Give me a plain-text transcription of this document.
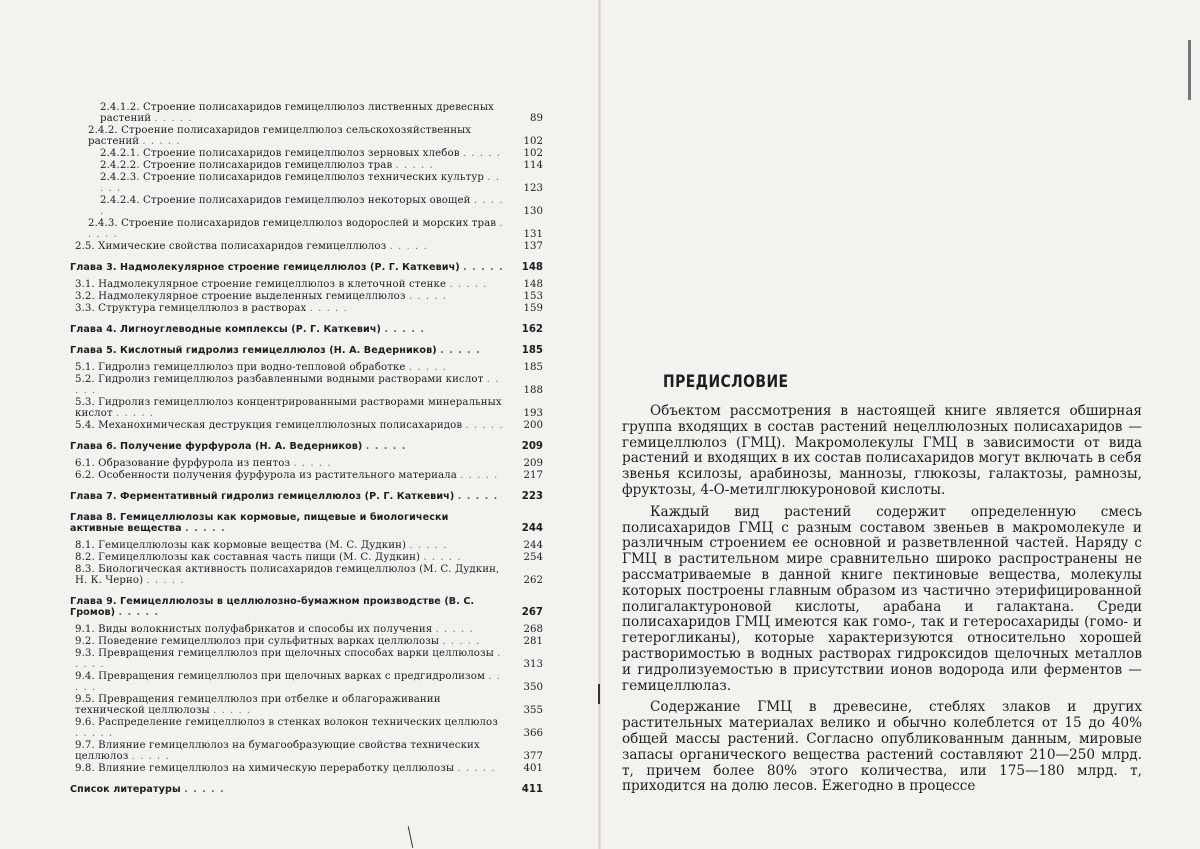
2.4.1.2. Строение полисахаридов гемицеллюлоз лиственных древесных растений . . . . .	89
2.4.2. Строение полисахаридов гемицеллюлоз сельскохозяйственных растений . . . . .	102
2.4.2.1. Строение полисахаридов гемицеллюлоз зерновых хлебов . . . . . 102
2.4.2.2. Строение полисахаридов гемицеллюлоз трав . . . . .	114
2.4.2.3. Строение полисахаридов гемицеллюлоз технических культур . . . . .	123
2.4.2.4. Строение полисахаридов гемицеллюлоз некоторых овощей . . . . .	130
2.4.3. Строение полисахаридов гемицеллюлоз водорослей и морских трав . . . . .	131
2.5. Химические свойства полисахаридов гемицеллюлоз . . . . .	137
Глава 3. Надмолекулярное строение гемицеллюлоз (Р. Г. Каткевич) . . . . . 148
3.1. Надмолекулярное строение гемицеллюлоз в клеточной стенке . . . . .	148
3.2. Надмолекулярное строение выделенных гемицеллюлоз . . . . .	153
3.3. Структура гемицеллюлоз в растворах . . . . .	159
Глава 4. Лигноуглеводные комплексы (Р. Г. Каткевич) . . . . .	162
Глава 5. Кислотный гидролиз гемицеллюлоз (Н. А. Ведерников) . . . . .	185
5.1. Гидролиз гемицеллюлоз при водно-тепловой обработке . . . . .	185
5.2. Гидролиз гемицеллюлоз разбавленными водными растворами кислот . . . . .	188
5.3. Гидролиз гемицеллюлоз концентрированными растворами минеральных кислот . . . . .	193
5.4. Механохимическая деструкция гемицеллюлозных полисахаридов . . . . . 200
Глава 6. Получение фурфурола (Н. А. Ведерников) . . . . .	209
6.1. Образование фурфурола из пентоз . . . . .	209
6.2. Особенности получения фурфурола из растительного материала . . . . . 217
Глава 7. Ферментативный гидролиз гемицеллюлоз (Р. Г. Каткевич) . . . . . 223
Глава 8. Гемицеллюлозы как кормовые, пищевые и биологически активные вещества . . . . .	244
8.1. Гемицеллюлозы как кормовые вещества (М. С. Дудкин) . . . . .	244
8.2. Гемицеллюлозы как составная часть пищи (М. С. Дудкин) . . . . .	254
8.3. Биологическая активность полисахаридов гемицеллюлоз (М. С. Дудкин, Н. К. Черно) . . . . .	262
Глава 9. Гемицеллюлозы в целлюлозно-бумажном производстве (В. С. Громов) . . . . .	267
9.1. Виды волокнистых полуфабрикатов и способы их получения . . . . .	268
9.2. Поведение гемицеллюлоз при сульфитных варках целлюлозы . . . . .	281
9.3. Превращения гемицеллюлоз при щелочных способах варки целлюлозы . . . . .	313
9.4. Превращения гемицеллюлоз при щелочных варках с предгидролизом . . . . .	350
9.5. Превращения гемицеллюлоз при отбелке и облагораживании технической целлюлозы . . . . .	355
9.6. Распределение гемицеллюлоз в стенках волокон технических целлюлоз . . . . .	366
9.7. Влияние гемицеллюлоз на бумагообразующие свойства технических целлюлоз . . . . .	377
9.8. Влияние гемицеллюлоз на химическую переработку целлюлозы . . . . .	401
Список литературы . . . . .	411
ПРЕДИСЛОВИЕ

Объектом рассмотрения в настоящей книге является обширная группа входящих в состав растений нецеллюлозных полисахаридов — гемицеллюлоз (ГМЦ). Макромолекулы ГМЦ в зависимости от вида растений и входящих в их состав полисахаридов могут включать в себя звенья ксилозы, арабинозы, маннозы, глюкозы, галактозы, рамнозы, фруктозы, 4-О-метилглюкуроновой кислоты.

Каждый вид растений содержит определенную смесь полисахаридов ГМЦ с разным составом звеньев в макромолекуле и различным строением ее основной и разветвленной частей. Наряду с ГМЦ в растительном мире сравнительно широко распространены не рассматриваемые в данной книге пектиновые вещества, молекулы которых построены главным образом из частично этерифицированной полигалактуроновой кислоты, арабана и галактана. Среди полисахаридов ГМЦ имеются как гомо-, так и гетеросахариды (гомо- и гетерогликаны), которые характеризуются относительно хорошей растворимостью в водных растворах гидроксидов щелочных металлов и гидролизуемостью в присутствии ионов водорода или ферментов — гемицеллюлаз.

Содержание ГМЦ в древесине, стеблях злаков и других растительных материалах велико и обычно колеблется от 15 до 40% общей массы растений. Согласно опубликованным данным, мировые запасы органического вещества растений составляют 210—250 млрд. т, причем более 80% этого количества, или 175—180 млрд. т, приходится на долю лесов. Ежегодно в процессе
